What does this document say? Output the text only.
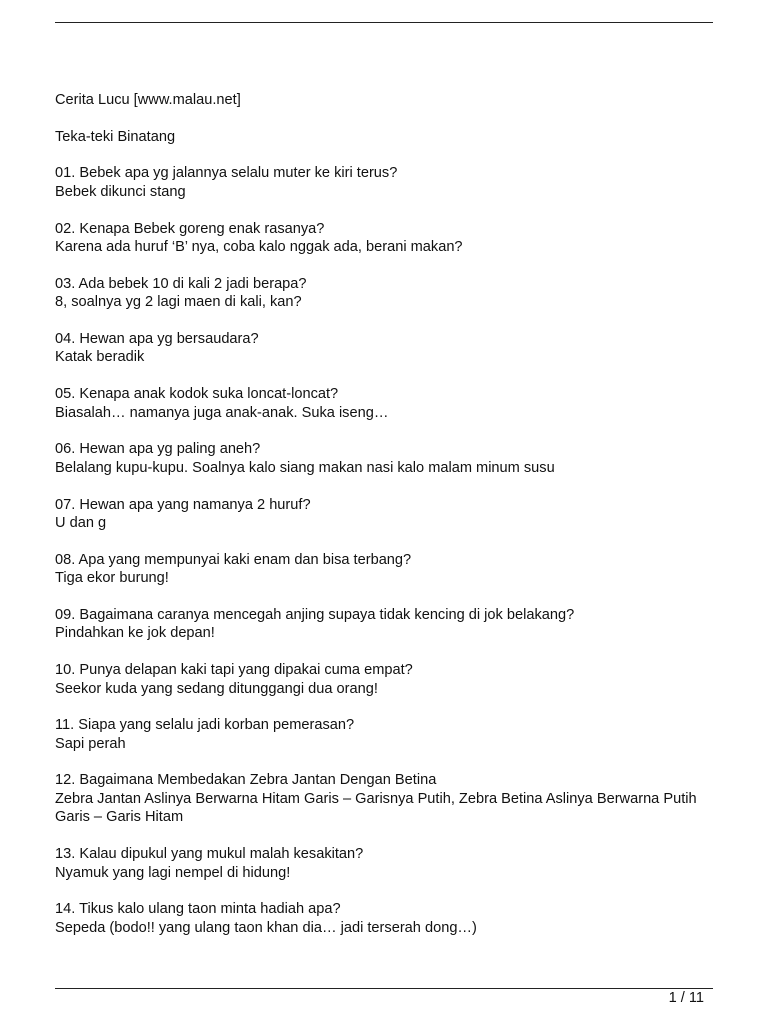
Cerita Lucu [www.malau.net]

Teka-teki Binatang

01. Bebek apa yg jalannya selalu muter ke kiri terus?
Bebek dikunci stang

02. Kenapa Bebek goreng enak rasanya?
Karena ada huruf ‘B’ nya, coba kalo nggak ada, berani makan?

03. Ada bebek 10 di kali 2 jadi berapa?
8, soalnya yg 2 lagi maen di kali, kan?

04. Hewan apa yg bersaudara?
Katak beradik

05. Kenapa anak kodok suka loncat-loncat?
Biasalah… namanya juga anak-anak. Suka iseng…

06. Hewan apa yg paling aneh?
Belalang kupu-kupu. Soalnya kalo siang makan nasi kalo malam minum susu

07. Hewan apa yang namanya 2 huruf?
U dan g

08. Apa yang mempunyai kaki enam dan bisa terbang?
Tiga ekor burung!

09. Bagaimana caranya mencegah anjing supaya tidak kencing di jok belakang?
Pindahkan ke jok depan!

10. Punya delapan kaki tapi yang dipakai cuma empat?
Seekor kuda yang sedang ditunggangi dua orang!

11. Siapa yang selalu jadi korban pemerasan?
Sapi perah

12. Bagaimana Membedakan Zebra Jantan Dengan Betina
Zebra Jantan Aslinya Berwarna Hitam Garis – Garisnya Putih, Zebra Betina Aslinya Berwarna Putih Garis – Garis Hitam

13. Kalau dipukul yang mukul malah kesakitan?
Nyamuk yang lagi nempel di hidung!

14. Tikus kalo ulang taon minta hadiah apa?
Sepeda (bodo!! yang ulang taon khan dia… jadi terserah dong…)

1 / 11
